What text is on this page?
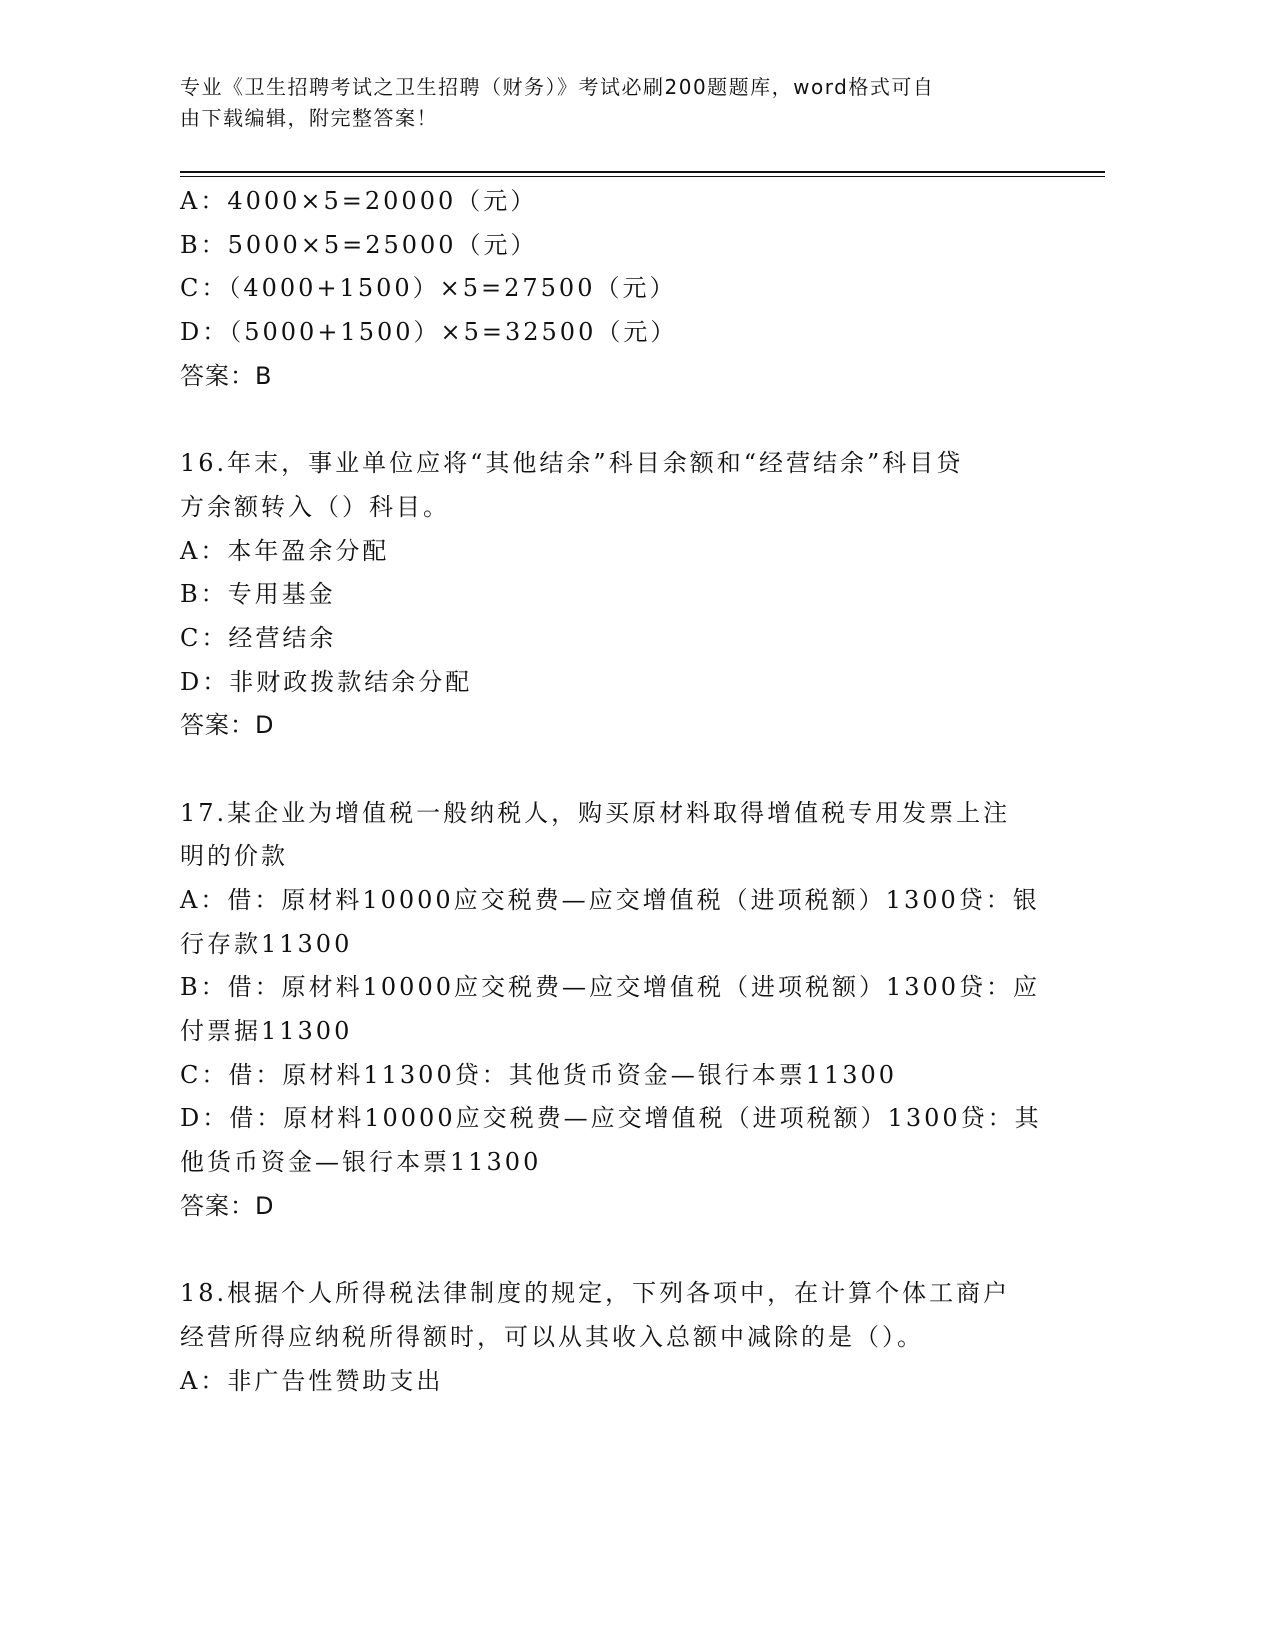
专业《卫生招聘考试之卫生招聘（财务）》考试必刷200题题库，word格式可自
由下载编辑，附完整答案！
A：4000×5=20000（元）
B：5000×5=25000（元）
C：（4000+1500）×5=27500（元）
D：（5000+1500）×5=32500（元）
答案：B
16.年末，事业单位应将“其他结余”科目余额和“经营结余”科目贷
方余额转入（）科目。
A：本年盈余分配
B：专用基金
C：经营结余
D：非财政拨款结余分配
答案：D
17.某企业为增值税一般纳税人，购买原材料取得增值税专用发票上注
明的价款
A：借：原材料10000应交税费—应交增值税（进项税额）1300贷：银
行存款11300
B：借：原材料10000应交税费—应交增值税（进项税额）1300贷：应
付票据11300
C：借：原材料11300贷：其他货币资金—银行本票11300
D：借：原材料10000应交税费—应交增值税（进项税额）1300贷：其
他货币资金—银行本票11300
答案：D
18.根据个人所得税法律制度的规定，下列各项中，在计算个体工商户
经营所得应纳税所得额时，可以从其收入总额中减除的是（）。
A：非广告性赞助支出
